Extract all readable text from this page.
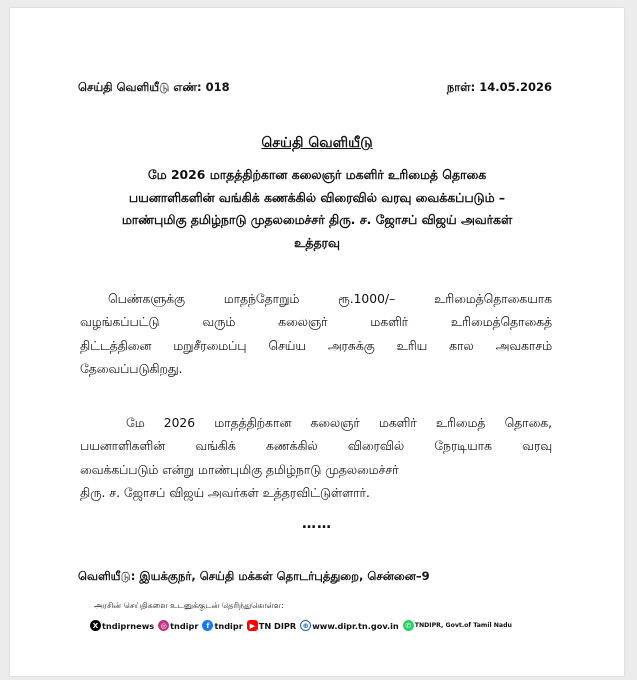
செய்தி வெளியீடு எண்: 018	நாள்: 14.05.2026
செய்தி வெளியீடு
மே 2026 மாதத்திற்கான கலைஞர் மகளிர் உரிமைத் தொகை
பயனாளிகளின் வங்கிக் கணக்கில் விரைவில் வரவு வைக்கப்படும் –
மாண்புமிகு தமிழ்நாடு முதலமைச்சர் திரு. ச. ஜோசப் விஜய் அவர்கள்
உத்தரவு
பெண்களுக்கு மாதந்தோறும் ரூ.1000/– உரிமைத்தொகையாக
வழங்கப்பட்டு வரும் கலைஞர் மகளிர் உரிமைத்தொகைத்
திட்டத்தினை மறுசீரமைப்பு செய்ய அரசுக்கு உரிய கால அவகாசம்
தேவைப்படுகிறது.
மே 2026 மாதத்திற்கான கலைஞர் மகளிர் உரிமைத் தொகை,
பயனாளிகளின் வங்கிக் கணக்கில் விரைவில் நேரடியாக வரவு
வைக்கப்படும் என்று மாண்புமிகு தமிழ்நாடு முதலமைச்சர்
திரு. ச. ஜோசப் விஜய் அவர்கள் உத்தரவிட்டுள்ளார்.
……
வெளியீடு: இயக்குநர், செய்தி மக்கள் தொடர்புத்துறை, சென்னை–9
அரசின் செய்திகளை உடனுக்குடன் தெரிந்துகொள்ள:
X tndiprnews ◎ tndipr	f tndipr ▶ TN DIPR ⊕ www.dipr.tn.gov.in ✆ TNDIPR, Govt.of Tamil Nadu
